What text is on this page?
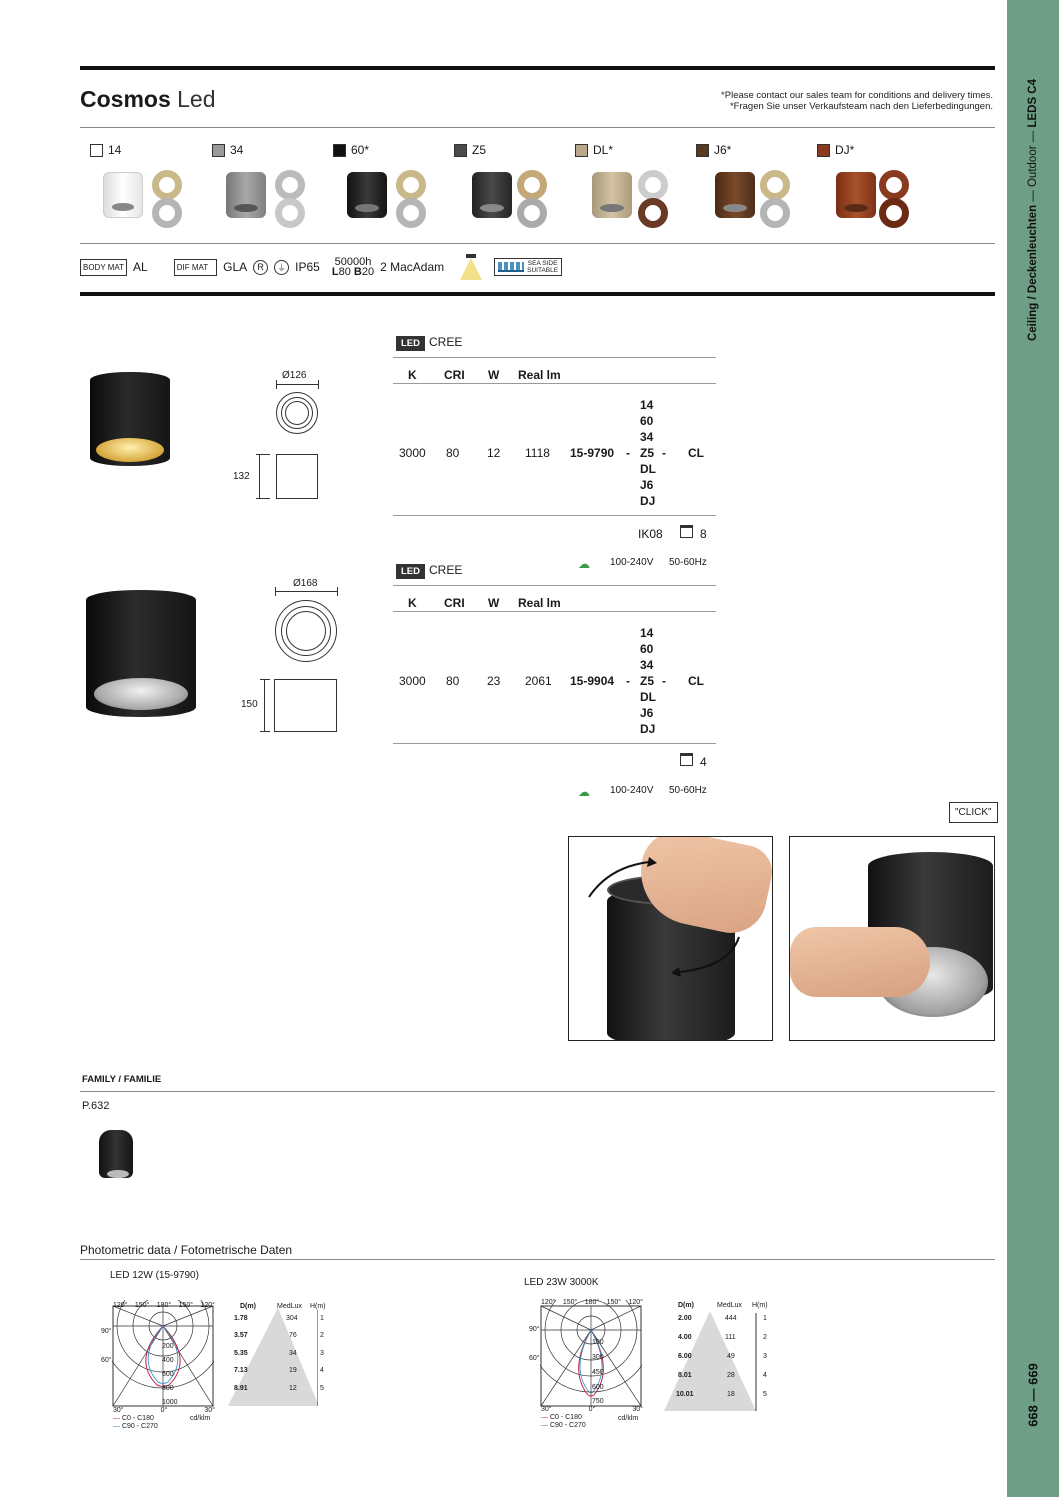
Ceiling / Deckenleuchten — Outdoor — LEDS C4
668 — 669
Cosmos Led	*Please contact our sales team for conditions and delivery times.
*Fragen Sie unser Verkaufsteam nach den Lieferbedingungen.
14	34	60*	Z5	DL*	J6*	DJ*
BODY MAT AL	DIF MAT	GLA	R	⏚ IP65 50000h
L80 B20 2 MacAdam	SEA SIDE
SUITABLE
Ø126
132
LED CREE
K CRI W Real lm
3000 80 12 1118 15-9790 -
14
60
34
Z5
DL
J6
DJ
- CL
IK08	8
☁ 100-240V 50-60Hz
Ø168
150
LED CREE
K CRI W Real lm
3000 80 23 2061 15-9904 -
14
60
34
Z5
DL
J6
DJ
- CL
4
☁ 100-240V 50-60Hz
"CLICK"
FAMILY / FAMILIE
P.632
Photometric data / Fotometrische Daten
LED 12W (15-9790)
120° 150° 180° 150° 120°
90°
60°
200
400
600
800
1000
30°	0°	30°
cd/klm
— C0 - C180
— C90 - C270
D(m)	MedLux H(m)
1.78	304	1
3.57	76	2
5.35	34	3
7.13	19	4
8.91	12	5
LED 23W 3000K
120° 150° 180° 150° 120°
90°
60°
150
300
450
600
750
30°	0°	30°
cd/klm
— C0 - C180
— C90 - C270
D(m)	MedLux H(m)
2.00	444	1
4.00	111	2
6.00	49	3
8.01	28	4
10.01	18	5
